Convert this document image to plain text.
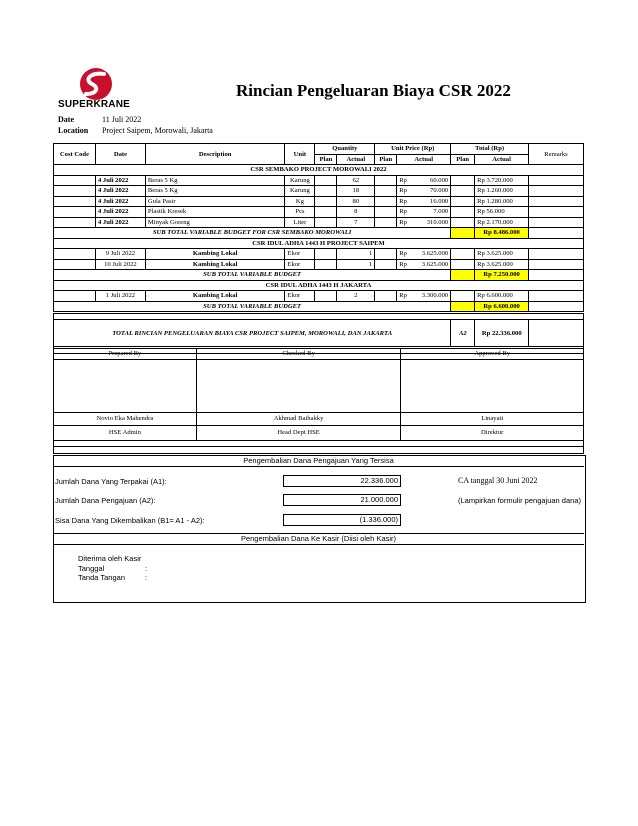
SUPERKRANE
Rincian Pengeluaran Biaya CSR 2022
Date	11 Juli 2022
Location Project Saipem, Morowali, Jakarta
Cost Code	Date	Description	Unit	Quantity		Unit Price (Rp)		Total (Rp)		Remarks
				Plan	Actual	Plan	Actual	Plan	Actual	
CSR SEMBAKO PROJECT MOROWALI 2022										
	4 Juli 2022	Beras 5 Kg	Karung		62		Rp 60.000		Rp 3.720.000	
	4 Juli 2022	Beras 5 Kg	Karung		18		Rp 70.000		Rp 1.260.000	
	4 Juli 2022	Gula Pasir	Kg		80		Rp 16.000		Rp 1.280.000	
	4 Juli 2022	Plastik Kresek	Pcs		8		Rp 7.000		Rp 56.000	
	4 Juli 2022	Minyak Goreng	Liter		7		Rp 310.000		Rp 2.170.000	
SUB TOTAL VARIABLE BUDGET FOR CSR SEMBAKO MOROWALI									Rp 8.486.000	
CSR IDUL ADHA 1443 H PROJECT SAIPEM										
	9 Juli 2022	Kambing Lokal	Ekor		1		Rp 3.625.000		Rp 3.625.000	
	10 Juli 2022	Kambing Lokal	Ekor		1		Rp 3.625.000		Rp 3.625.000	
SUB TOTAL VARIABLE BUDGET									Rp 7.250.000	
CSR IDUL ADHA 1443 H JAKARTA										
	1 Juli 2022	Kambing Lokal	Ekor		2		Rp 3.300.000		Rp 6.600.000	
SUB TOTAL VARIABLE BUDGET									Rp 6.600.000	

TOTAL RINCIAN PENGELUARAN BIAYA CSR PROJECT SAIPEM, MOROWALI, DAN JAKARTA	A2	Rp 22.336.000	

Prepared By	Checked By	Approved By

Novio Eka Mahendra	Akhmad Baihakky	Linayati
HSE Admin	Head Dept HSE	Direktur

Pengembalian Dana Pengajuan Yang Tersisa
Jumlah Dana Yang Terpakai (A1):	22.336.000	CA tanggal 30 Juni 2022
Jumlah Dana Pengajuan (A2):	21.000.000	(Lampirkan formulir pengajuan dana)
Sisa Dana Yang Dikembalikan (B1= A1 - A2):	(1.336.000)
Pengembalian Dana Ke Kasir (Diisi oleh Kasir)
Diterima oleh Kasir
Tanggal	:
Tanda Tangan	:
